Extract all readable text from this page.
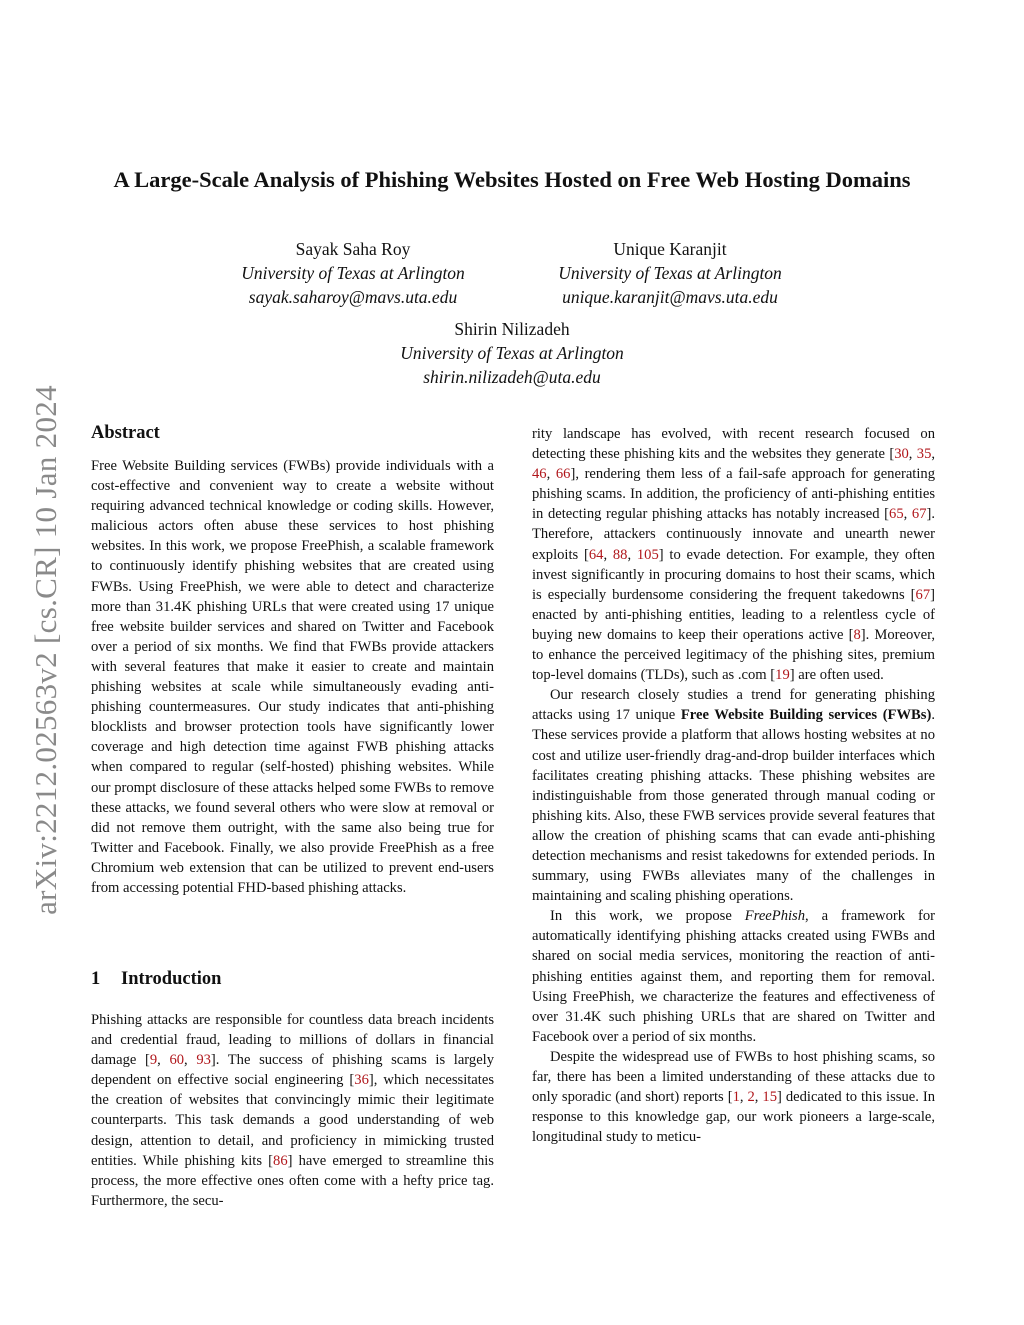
arXiv:2212.02563v2 [cs.CR] 10 Jan 2024
A Large-Scale Analysis of Phishing Websites Hosted on Free Web Hosting Domains
Sayak Saha Roy
University of Texas at Arlington
sayak.saharoy@mavs.uta.edu
Unique Karanjit
University of Texas at Arlington
unique.karanjit@mavs.uta.edu
Shirin Nilizadeh
University of Texas at Arlington
shirin.nilizadeh@uta.edu
Abstract

Free Website Building services (FWBs) provide individuals with a cost-effective and convenient way to create a website without requiring advanced technical knowledge or coding skills. However, malicious actors often abuse these services to host phishing websites. In this work, we propose FreePhish, a scalable framework to continuously identify phishing websites that are created using FWBs. Using FreePhish, we were able to detect and characterize more than 31.4K phishing URLs that were created using 17 unique free website builder services and shared on Twitter and Facebook over a period of six months. We find that FWBs provide attackers with several features that make it easier to create and maintain phishing websites at scale while simultaneously evading anti-phishing countermeasures. Our study indicates that anti-phishing blocklists and browser protection tools have significantly lower coverage and high detection time against FWB phishing attacks when compared to regular (self-hosted) phishing websites. While our prompt disclosure of these attacks helped some FWBs to remove these attacks, we found several others who were slow at removal or did not remove them outright, with the same also being true for Twitter and Facebook. Finally, we also provide FreePhish as a free Chromium web extension that can be utilized to prevent end-users from accessing potential FHD-based phishing attacks.

1 Introduction

Phishing attacks are responsible for countless data breach incidents and credential fraud, leading to millions of dollars in financial damage [9, 60, 93]. The success of phishing scams is largely dependent on effective social engineering [36], which necessitates the creation of websites that convincingly mimic their legitimate counterparts. This task demands a good understanding of web design, attention to detail, and proficiency in mimicking trusted entities. While phishing kits [86] have emerged to streamline this process, the more effective ones often come with a hefty price tag. Furthermore, the secu-

rity landscape has evolved, with recent research focused on detecting these phishing kits and the websites they generate [30, 35, 46, 66], rendering them less of a fail-safe approach for generating phishing scams. In addition, the proficiency of anti-phishing entities in detecting regular phishing attacks has notably increased [65, 67]. Therefore, attackers continuously innovate and unearth newer exploits [64, 88, 105] to evade detection. For example, they often invest significantly in procuring domains to host their scams, which is especially burdensome considering the frequent takedowns [67] enacted by anti-phishing entities, leading to a relentless cycle of buying new domains to keep their operations active [8]. Moreover, to enhance the perceived legitimacy of the phishing sites, premium top-level domains (TLDs), such as .com [19] are often used.

Our research closely studies a trend for generating phishing attacks using 17 unique Free Website Building services (FWBs). These services provide a platform that allows hosting websites at no cost and utilize user-friendly drag-and-drop builder interfaces which facilitates creating phishing attacks. These phishing websites are indistinguishable from those generated through manual coding or phishing kits. Also, these FWB services provide several features that allow the creation of phishing scams that can evade anti-phishing detection mechanisms and resist takedowns for extended periods. In summary, using FWBs alleviates many of the challenges in maintaining and scaling phishing operations.

In this work, we propose FreePhish, a framework for automatically identifying phishing attacks created using FWBs and shared on social media services, monitoring the reaction of anti-phishing entities against them, and reporting them for removal. Using FreePhish, we characterize the features and effectiveness of over 31.4K such phishing URLs that are shared on Twitter and Facebook over a period of six months.

Despite the widespread use of FWBs to host phishing scams, so far, there has been a limited understanding of these attacks due to only sporadic (and short) reports [1, 2, 15] dedicated to this issue. In response to this knowledge gap, our work pioneers a large-scale, longitudinal study to meticu-
